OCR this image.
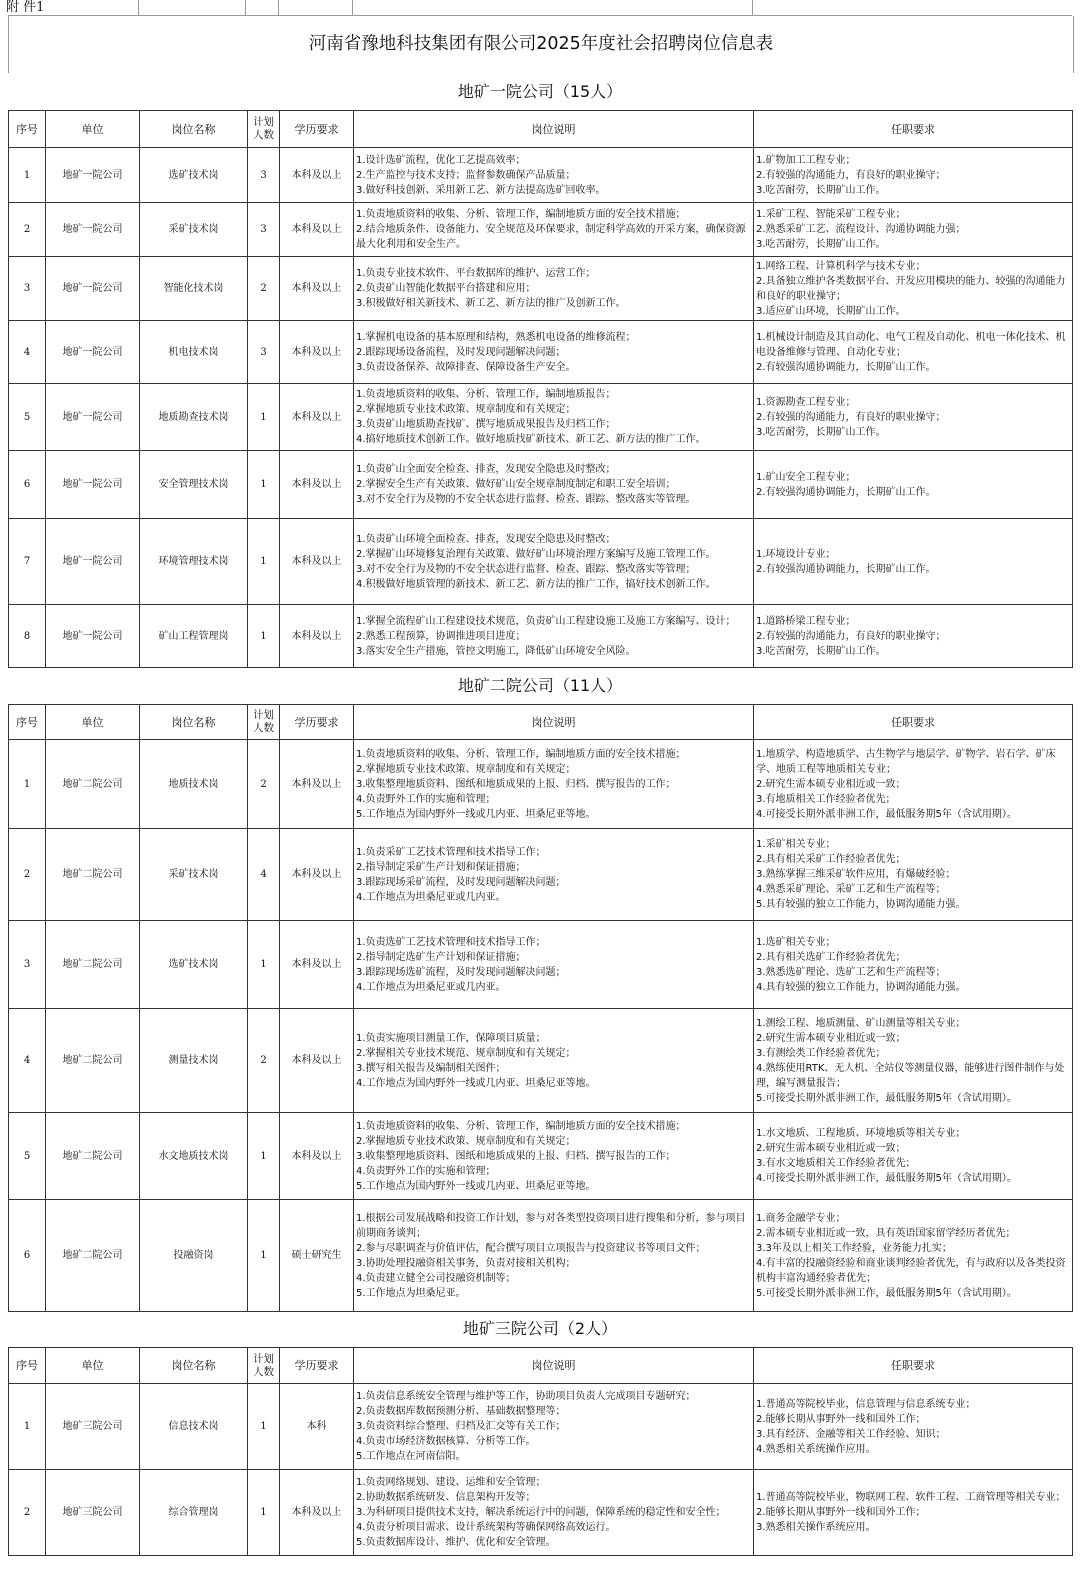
附 件1
河南省豫地科技集团有限公司2025年度社会招聘岗位信息表
地矿一院公司（15人）
序号	单位	岗位名称	计划人数	学历要求	岗位说明	任职要求
1	地矿一院公司	选矿技术岗	3	本科及以上	1.设计选矿流程，优化工艺提高效率；
2.生产监控与技术支持；监督参数确保产品质量；
3.做好科技创新、采用新工艺、新方法提高选矿回收率。	1.矿物加工工程专业；
2.有较强的沟通能力，有良好的职业操守；
3.吃苦耐劳，长期矿山工作。

2	地矿一院公司	采矿技术岗	3	本科及以上	1.负责地质资料的收集、分析、管理工作，编制地质方面的安全技术措施；
2.结合地质条件、设备能力、安全规范及环保要求，制定科学高效的开采方案，确保资源最大化利用和安全生产。	1.采矿工程、智能采矿工程专业；
2.熟悉采矿工艺、流程设计、沟通协调能力强；
3.吃苦耐劳，长期矿山工作。

3	地矿一院公司	智能化技术岗	2	本科及以上	1.负责专业技术软件、平台数据库的维护、运营工作；
2.负责矿山智能化数据平台搭建和应用；
3.积极做好相关新技术、新工艺、新方法的推广及创新工作。	1.网络工程、计算机科学与技术专业；
2.具备独立维护各类数据平台、开发应用模块的能力、较强的沟通能力和良好的职业操守；
3.适应矿山环境，长期矿山工作。

4	地矿一院公司	机电技术岗	3	本科及以上	1.掌握机电设备的基本原理和结构，熟悉机电设备的维修流程；
2.跟踪现场设备流程，及时发现问题解决问题；
3.负责设备保养、故障排查、保障设备生产安全。	1.机械设计制造及其自动化、电气工程及自动化、机电一体化技术、机电设备维修与管理、自动化专业；
2.有较强沟通协调能力，长期矿山工作。

5	地矿一院公司	地质勘查技术岗	1	本科及以上	1.负责地质资料的收集、分析、管理工作，编制地质报告；
2.掌握地质专业技术政策、规章制度和有关规定；
3.负责矿山地质勘查找矿、撰写地质成果报告及归档工作；
4.搞好地质技术创新工作。做好地质找矿新技术、新工艺、新方法的推广工作。	1.资源勘查工程专业；
2.有较强的沟通能力，有良好的职业操守；
3.吃苦耐劳，长期矿山工作。

6	地矿一院公司	安全管理技术岗	1	本科及以上	1.负责矿山全面安全检查、排查，发现安全隐患及时整改；
2.掌握安全生产有关政策、做好矿山安全规章制度制定和职工安全培训；
3.对不安全行为及物的不安全状态进行监督、检查、跟踪、整改落实等管理。	1.矿山安全工程专业；
2.有较强沟通协调能力，长期矿山工作。

7	地矿一院公司	环境管理技术岗	1	本科及以上	1.负责矿山环境全面检查、排查，发现安全隐患及时整改；
2.掌握矿山环境修复治理有关政策、做好矿山环境治理方案编写及施工管理工作。
3.对不安全行为及物的不安全状态进行监督、检查、跟踪、整改落实等管理；
4.积极做好地质管理的新技术、新工艺、新方法的推广工作，搞好技术创新工作。	1.环境设计专业；
2.有较强沟通协调能力，长期矿山工作。

8	地矿一院公司	矿山工程管理岗	1	本科及以上	1.掌握全流程矿山工程建设技术规范，负责矿山工程建设施工及施工方案编写、设计；
2.熟悉工程预算，协调推进项目进度；
3.落实安全生产措施，管控文明施工，降低矿山环境安全风险。	1.道路桥梁工程专业；
2.有较强的沟通能力，有良好的职业操守；
3.吃苦耐劳，长期矿山工作。
地矿二院公司（11人）
序号	单位	岗位名称	计划人数	学历要求	岗位说明	任职要求
1	地矿二院公司	地质技术岗	2	本科及以上	1.负责地质资料的收集、分析、管理工作，编制地质方面的安全技术措施；
2.掌握地质专业技术政策、规章制度和有关规定；
3.收集整理地质资料、图纸和地质成果的上报、归档、撰写报告的工作；
4.负责野外工作的实施和管理；
5.工作地点为国内野外一线或几内亚、坦桑尼亚等地。	1.地质学、构造地质学、古生物学与地层学、矿物学、岩石学、矿床学、地质工程等地质相关专业；
2.研究生需本硕专业相近或一致；
3.有地质相关工作经验者优先；
4.可接受长期外派非洲工作，最低服务期5年（含试用期）。

2	地矿二院公司	采矿技术岗	4	本科及以上	1.负责采矿工艺技术管理和技术指导工作；
2.指导制定采矿生产计划和保证措施；
3.跟踪现场采矿流程，及时发现问题解决问题；
4.工作地点为坦桑尼亚或几内亚。	1.采矿相关专业；
2.具有相关采矿工作经验者优先；
3.熟练掌握三维采矿软件应用，有爆破经验；
4.熟悉采矿理论、采矿工艺和生产流程等；
5.具有较强的独立工作能力，协调沟通能力强。

3	地矿二院公司	选矿技术岗	1	本科及以上	1.负责选矿工艺技术管理和技术指导工作；
2.指导制定选矿生产计划和保证措施；
3.跟踪现场选矿流程，及时发现问题解决问题；
4.工作地点为坦桑尼亚或几内亚。	1.选矿相关专业；
2.具有相关选矿工作经验者优先；
3.熟悉选矿理论、选矿工艺和生产流程等；
4.具有较强的独立工作能力，协调沟通能力强。

4	地矿二院公司	测量技术岗	2	本科及以上	1.负责实施项目测量工作，保障项目质量；
2.掌握相关专业技术规范、规章制度和有关规定；
3.撰写相关报告及编制相关图件；
4.工作地点为国内野外一线或几内亚、坦桑尼亚等地。	1.测绘工程、地质测量、矿山测量等相关专业；
2.研究生需本硕专业相近或一致；
3.有测绘类工作经验者优先；
4.熟练使用RTK、无人机、全站仪等测量仪器，能够进行图件制作与处理，编写测量报告；
5.可接受长期外派非洲工作，最低服务期5年（含试用期）。

5	地矿二院公司	水文地质技术岗	1	本科及以上	1.负责地质资料的收集、分析、管理工作，编制地质方面的安全技术措施；
2.掌握地质专业技术政策、规章制度和有关规定；
3.收集整理地质资料、图纸和地质成果的上报、归档、撰写报告的工作；
4.负责野外工作的实施和管理；
5.工作地点为国内野外一线或几内亚、坦桑尼亚等地。	1.水文地质、工程地质、环境地质等相关专业；
2.研究生需本硕专业相近或一致；
3.有水文地质相关工作经验者优先；
4.可接受长期外派非洲工作，最低服务期5年（含试用期）。

6	地矿二院公司	投融资岗	1	硕士研究生	1.根据公司发展战略和投资工作计划，参与对各类型投资项目进行搜集和分析，参与项目前期商务谈判；
2.参与尽职调查与价值评估，配合撰写项目立项报告与投资建议书等项目文件；
3.协助处理投融资相关事务，负责对接相关机构；
4.负责建立健全公司投融资机制等；
5.工作地点为坦桑尼亚。	1.商务金融学专业；
2.需本硕专业相近或一致，具有英语国家留学经历者优先；
3.3年及以上相关工作经验，业务能力扎实；
4.有丰富的投融资经验和商业谈判经验者优先，有与政府以及各类投资机构丰富沟通经验者优先；
5.可接受长期外派非洲工作，最低服务期5年（含试用期）。
地矿三院公司（2人）
序号	单位	岗位名称	计划人数	学历要求	岗位说明	任职要求
1	地矿三院公司	信息技术岗	1	本科	1.负责信息系统安全管理与维护等工作，协助项目负责人完成项目专题研究；
2.负责数据库数据预测分析、基础数据整理等；
3.负责资料综合整理、归档及汇交等有关工作；
4.负责市场经济数据核算、分析等工作。
5.工作地点在河南信阳。	1.普通高等院校毕业，信息管理与信息系统专业；
2.能够长期从事野外一线和国外工作；
3.具有经济、金融等相关工作经验、知识；
4.熟悉相关系统操作应用。

2	地矿三院公司	综合管理岗	1	本科及以上	1.负责网络规划、建设、运维和安全管理；
2.协助数据系统研发、信息架构开发等；
3.为科研项目提供技术支持，解决系统运行中的问题，保障系统的稳定性和安全性；
4.负责分析项目需求、设计系统架构等确保网络高效运行。
5.负责数据库设计、维护、优化和安全管理。	1.普通高等院校毕业，物联网工程、软件工程、工商管理等相关专业；
2.能够长期从事野外一线和国外工作；
3.熟悉相关操作系统应用。
